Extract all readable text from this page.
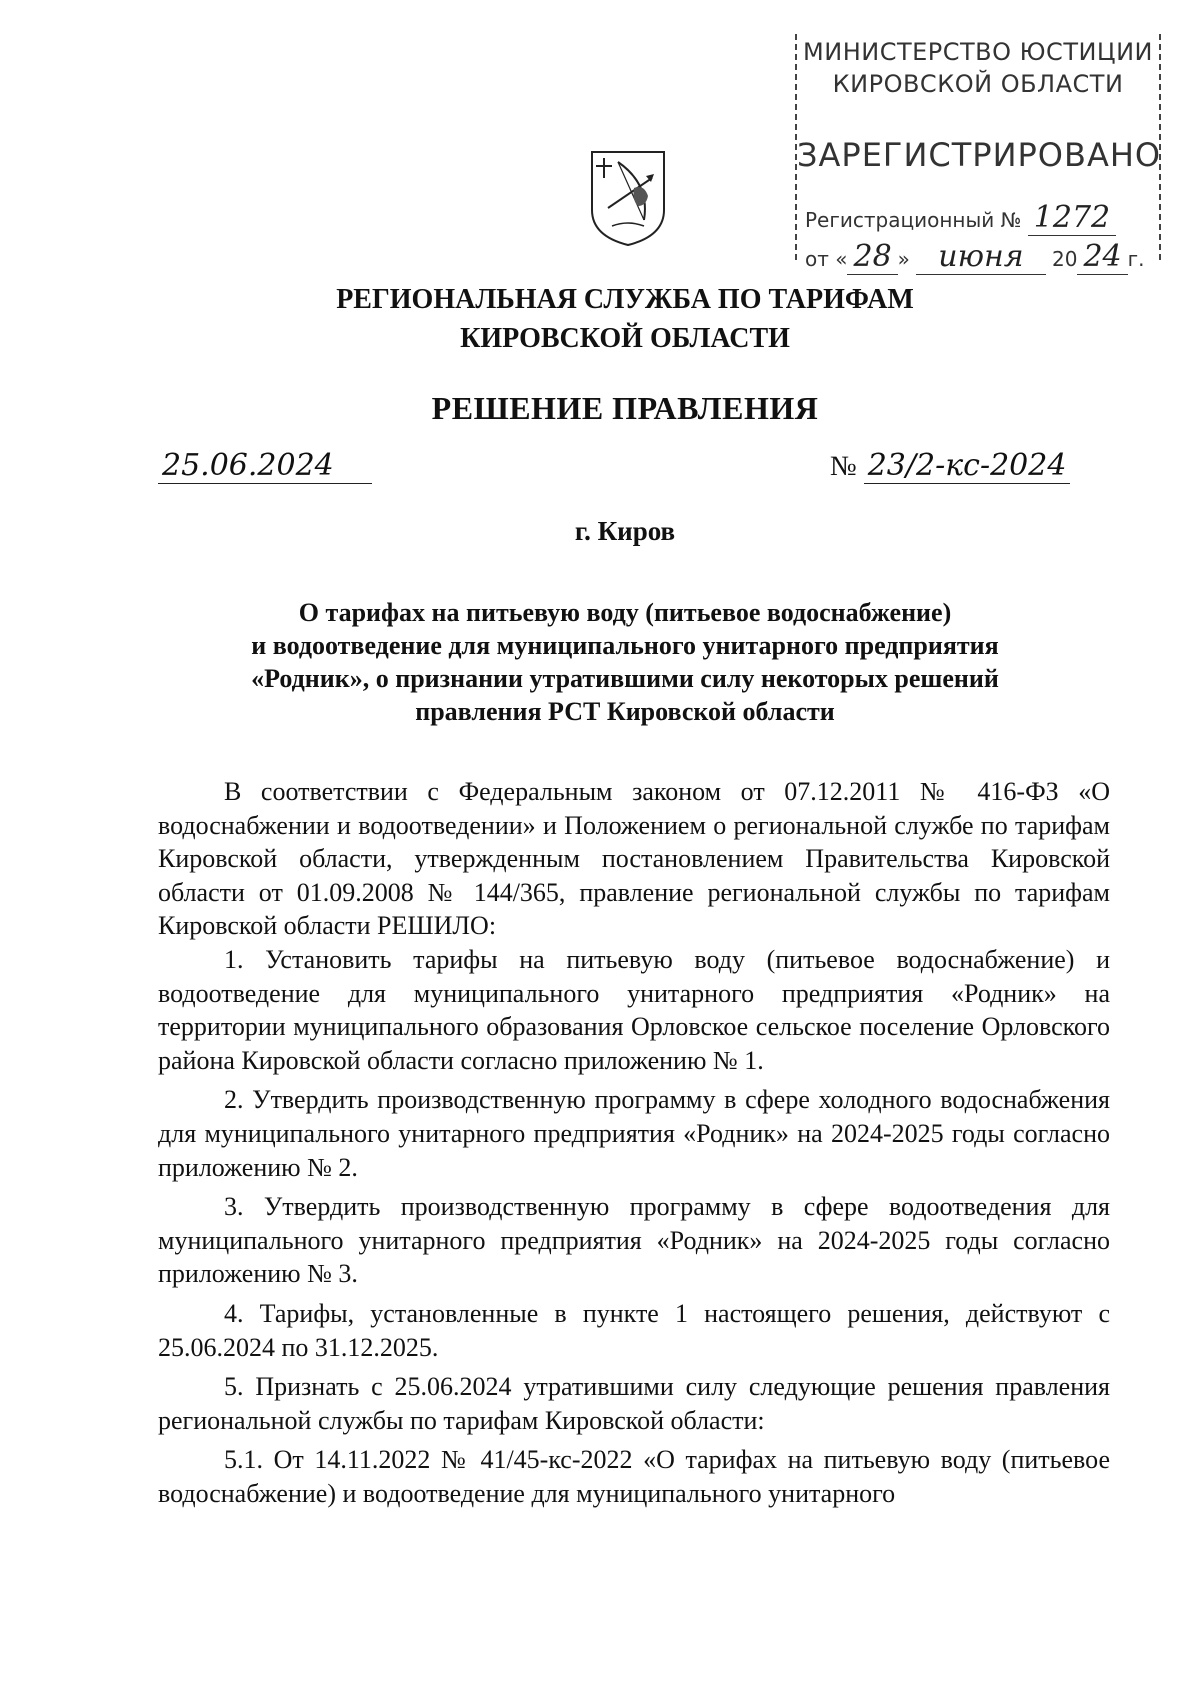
МИНИСТЕРСТВО ЮСТИЦИИ
КИРОВСКОЙ ОБЛАСТИ
ЗАРЕГИСТРИРОВАНО
Регистрационный № 1272
от « 28 » июня 20 24 г.
РЕГИОНАЛЬНАЯ СЛУЖБА ПО ТАРИФАМ
КИРОВСКОЙ ОБЛАСТИ
РЕШЕНИЕ ПРАВЛЕНИЯ
25.06.2024	№ 23/2-кс-2024
г. Киров
О тарифах на питьевую воду (питьевое водоснабжение)
и водоотведение для муниципального унитарного предприятия
«Родник», о признании утратившими силу некоторых решений
правления РСТ Кировской области

В соответствии с Федеральным законом от 07.12.2011 № 416-ФЗ «О водоснабжении и водоотведении» и Положением о региональной службе по тарифам Кировской области, утвержденным постановлением Правительства Кировской области от 01.09.2008 № 144/365, правление региональной службы по тарифам Кировской области РЕШИЛО:

1. Установить тарифы на питьевую воду (питьевое водоснабжение) и водоотведение для муниципального унитарного предприятия «Родник» на территории муниципального образования Орловское сельское поселение Орловского района Кировской области согласно приложению № 1.

2. Утвердить производственную программу в сфере холодного водоснабжения для муниципального унитарного предприятия «Родник» на 2024-2025 годы согласно приложению № 2.

3. Утвердить производственную программу в сфере водоотведения для муниципального унитарного предприятия «Родник» на 2024-2025 годы согласно приложению № 3.

4. Тарифы, установленные в пункте 1 настоящего решения, действуют с 25.06.2024 по 31.12.2025.

5. Признать с 25.06.2024 утратившими силу следующие решения правления региональной службы по тарифам Кировской области:

5.1. От 14.11.2022 № 41/45-кс-2022 «О тарифах на питьевую воду (питьевое водоснабжение) и водоотведение для муниципального унитарного
